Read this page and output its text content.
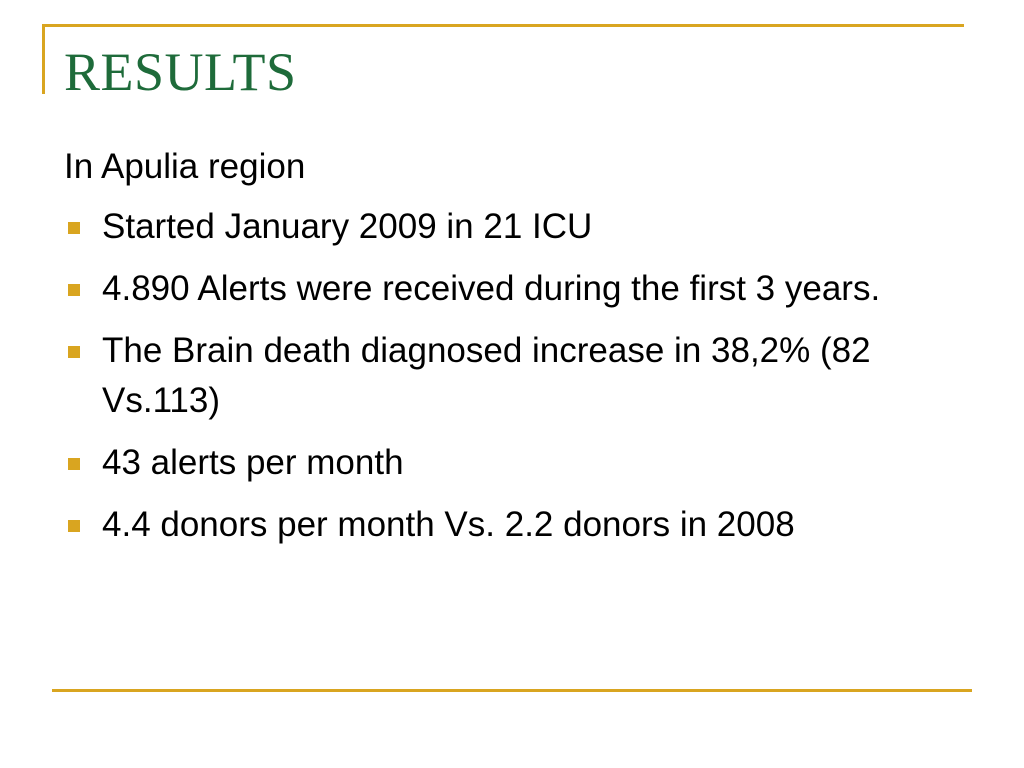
RESULTS

In Apulia region

Started January 2009 in 21 ICU
4.890 Alerts were received during the first 3 years.
The Brain death diagnosed increase in 38,2% (82 Vs.113)
43 alerts per month
4.4 donors per month Vs. 2.2 donors in 2008
